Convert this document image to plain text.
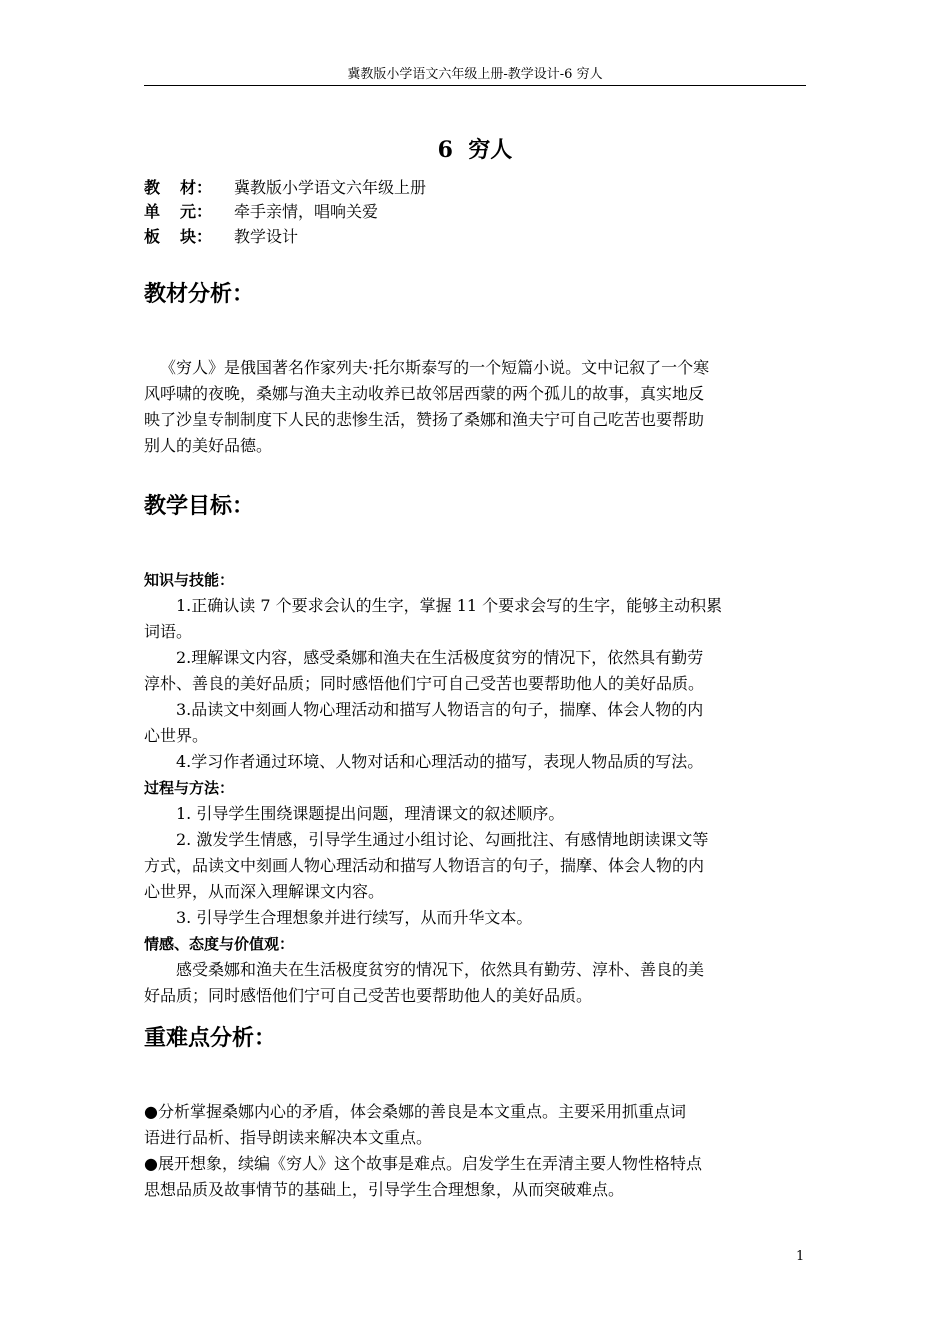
冀教版小学语文六年级上册-教学设计-6 穷人
6  穷人
教 材： 冀教版小学语文六年级上册
单 元： 牵手亲情，唱响关爱
板 块： 教学设计
教材分析：

《穷人》是俄国著名作家列夫·托尔斯泰写的一个短篇小说。文中记叙了一个寒

风呼啸的夜晚，桑娜与渔夫主动收养已故邻居西蒙的两个孤儿的故事，真实地反

映了沙皇专制制度下人民的悲惨生活，赞扬了桑娜和渔夫宁可自己吃苦也要帮助

别人的美好品德。

教学目标：

知识与技能：

1.正确认读 7 个要求会认的生字，掌握 11 个要求会写的生字，能够主动积累

词语。

2.理解课文内容，感受桑娜和渔夫在生活极度贫穷的情况下，依然具有勤劳

淳朴、善良的美好品质；同时感悟他们宁可自己受苦也要帮助他人的美好品质。

3.品读文中刻画人物心理活动和描写人物语言的句子，揣摩、体会人物的内

心世界。

4.学习作者通过环境、人物对话和心理活动的描写，表现人物品质的写法。

过程与方法：

1. 引导学生围绕课题提出问题，理清课文的叙述顺序。

2. 激发学生情感，引导学生通过小组讨论、勾画批注、有感情地朗读课文等

方式，品读文中刻画人物心理活动和描写人物语言的句子，揣摩、体会人物的内

心世界，从而深入理解课文内容。

3. 引导学生合理想象并进行续写，从而升华文本。

情感、态度与价值观：

感受桑娜和渔夫在生活极度贫穷的情况下，依然具有勤劳、淳朴、善良的美

好品质；同时感悟他们宁可自己受苦也要帮助他人的美好品质。

重难点分析：

●分析掌握桑娜内心的矛盾，体会桑娜的善良是本文重点。主要采用抓重点词

语进行品析、指导朗读来解决本文重点。

●展开想象，续编《穷人》这个故事是难点。启发学生在弄清主要人物性格特点

思想品质及故事情节的基础上，引导学生合理想象，从而突破难点。

1
